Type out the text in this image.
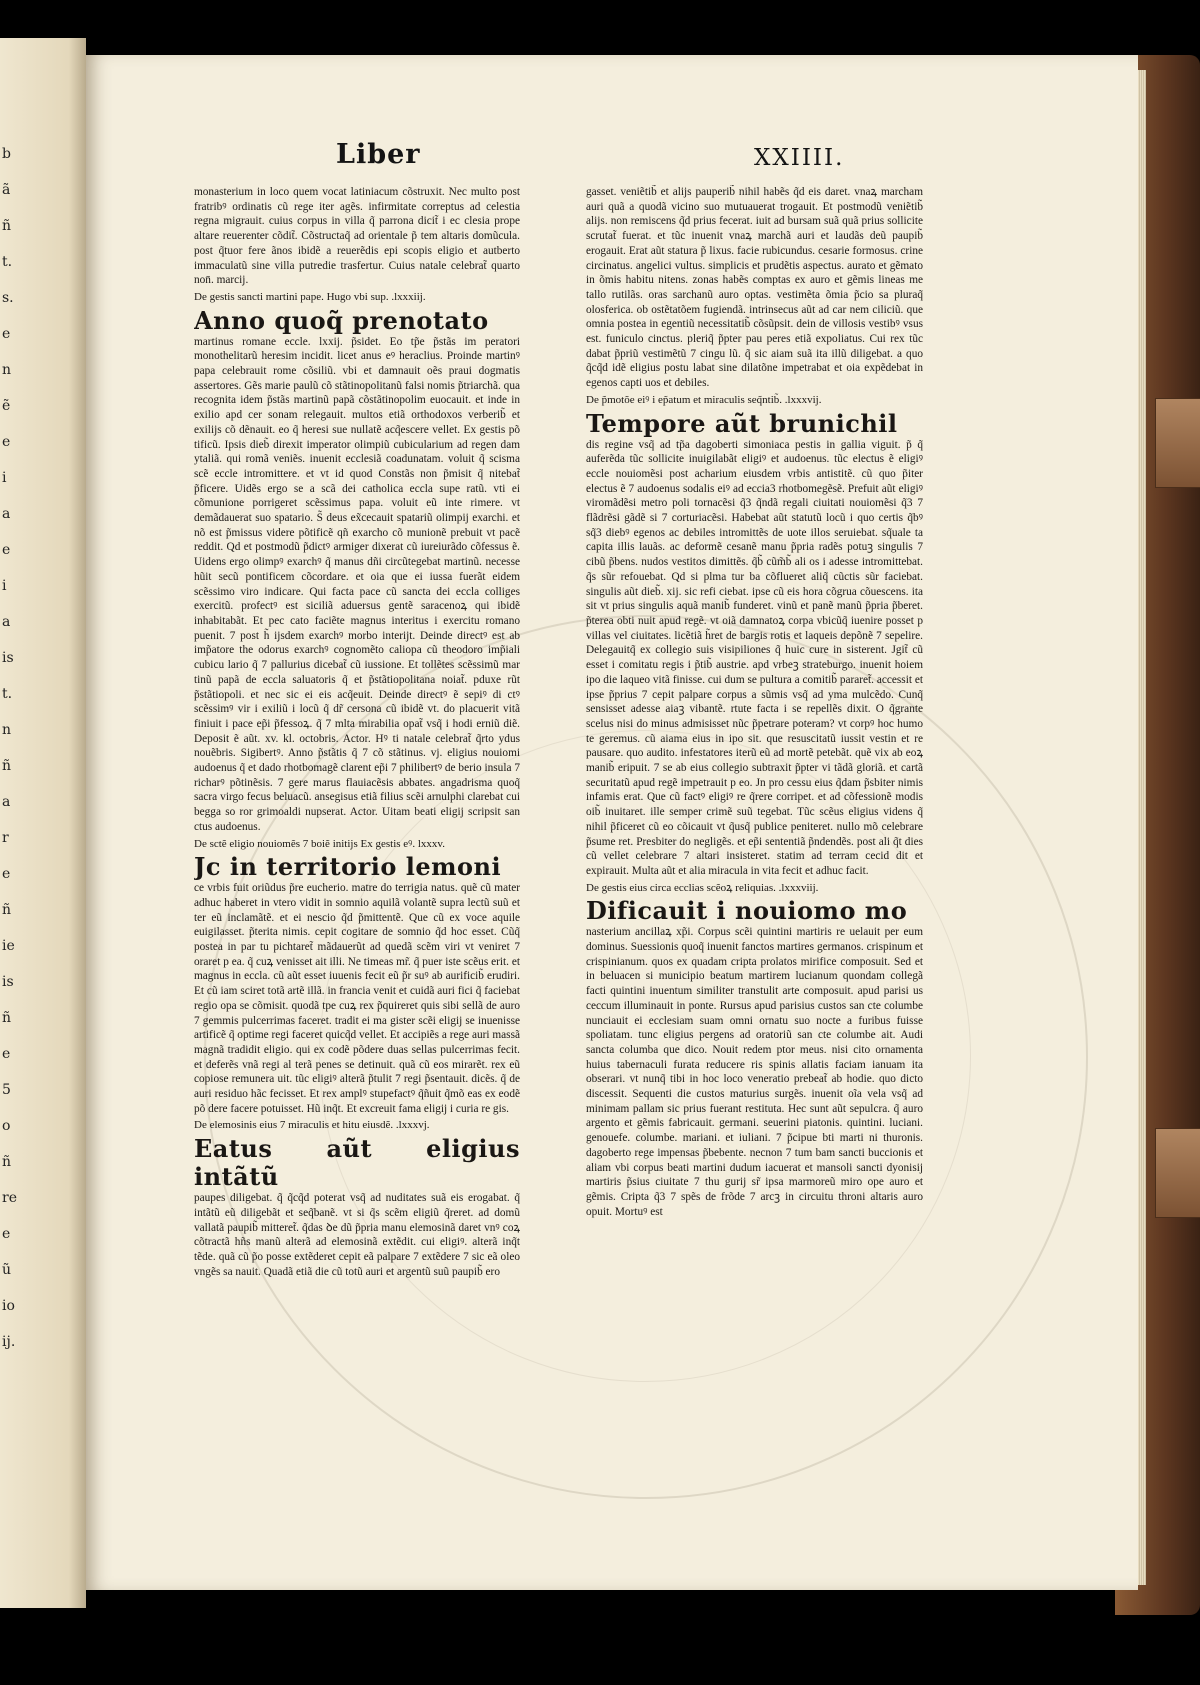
b
ã
ñ
t.
s.
e
n
ẽ
e
i
a
e
i
a
is
t.
n
ñ
a
r
e
ñ
ie
is
ñ
e
5
o
ñ
re
e
ũ
io
ij.
Liber	XXIIII.

monasterium in loco quem vocat latiniacum cõstruxit. Nec multo post fratribꝰ ordinatis cũ rege iter agẽs. infirmitate correptus ad celestia regna migrauit. cuius corpus in villa q̃ parrona dicit̃ i ec clesia prope altare reuerenter cõdit̃. Cõstructaq̃ ad orientale p̃ tem altaris domũcula. post q̃tuor fere ãnos ibidẽ a reuerẽdis epi scopis eligio et autberto immaculatũ sine villa putredie trasfertur. Cuius natale celebrat̃ quarto non̄. marcij.

De gestis sancti martini pape. Hugo vbi sup. .lxxxiij.

Anno quoq̃ prenotato

martinus romane eccle. lxxij. p̃sidet. Eo tp̃e p̃stãs im peratori monothelitarũ heresim incidit. licet anus eꝰ heraclius. Proinde martinꝰ papa celebrauit rome cõsiliũ. vbi et damnauit oẽs praui dogmatis assertores. Gẽs marie paulũ cõ stãtinopolitanũ falsi nomis p̃triarchã. qua recognita idem p̃stãs martinũ papã cõstãtinopolim euocauit. et inde in exilio apd cer sonam relegauit. multos etiã orthodoxos verberib̃ et exilijs cõ dẽnauit. eo q̃ heresi sue nullatẽ acq̃escere vellet. Ex gestis põ tificũ. Ipsis dieb̃ direxit imperator olimpiũ cubicularium ad regen dam ytaliã. qui romã veniẽs. inuenit ecclesiã coadunatam. voluit q̃ scisma scẽ eccle intromittere. et vt id quod Constãs non p̃misit q̃ nitebat̃ p̃ficere. Uidẽs ergo se a scã dei catholica eccla supe ratũ. vti ei cõmunione porrigeret scẽssimus papa. voluit eũ inte rimere. vt demãdauerat suo spatario. S̃ deus ex̃cecauit spatariũ olimpij exarchi. et nõ est p̃missus videre põtificẽ qñ exarcho cõ munionẽ prebuit vt pacẽ reddit. Qd et postmodũ p̃dictꝰ armiger dixerat cũ iureiurãdo cõfessus ẽ. Uidens ergo olimpꝰ exarchꝰ q̃ manus dñi circũtegebat martinũ. necesse hũit secũ pontificem cõcordare. et oia que ei iussa fuerãt eidem scẽssimo viro indicare. Qui facta pace cũ sancta dei eccla colliges exercitũ. profectꝰ est siciliã aduersus gentẽ saracenoꝝ qui ibidẽ inhabitabãt. Et pec cato faciẽte magnus interitus i exercitu romano puenit. 7 post h̃ ijsdem exarchꝰ morbo interijt. Deinde directꝰ est ab imp̃atore the odorus exarchꝰ cognomẽto caliopa cũ theodoro imp̃iali cubicu lario q̃ 7 pallurius dicebat̃ cũ iussione. Et tollẽtes scẽssimũ mar tinũ papã de eccla saluatoris q̃ et p̃stãtiopolitana noiat̃. pduxe rũt p̃stãtiopoli. et nec sic ei eis acq̃euit. Deinde directꝰ ẽ sepiꝰ di ctꝰ scẽssimꝰ vir i exiliũ i locũ q̃ dr̃ cersona cũ ibidẽ vt. do placuerit vitã finiuit i pace ep̃i p̃fessoꝝ. q̃ 7 mlta mirabilia opat̃ vsq̃ i hodi erniũ diẽ. Deposit ẽ aũt. xv. kl. octobris. Actor. Hꝰ ti natale celebrat̃ q̃rto ydus nouẽbris. Sigibertꝰ. Anno p̃stãtis q̃ 7 cõ stãtinus. vj. eligius nouiomi audoenus q̃ et dado rhotbomagẽ clarent ep̃i 7 philibertꝰ de berio insula 7 richarꝰ põtinẽsis. 7 gere marus flauiacẽsis abbates. angadrisma quoq̃ sacra virgo fecus beluacũ. ansegisus etiã filius scẽi arnulphi clarebat cui begga so ror grimoaldi nupserat. Actor. Uitam beati eligij scripsit san ctus audoenus.

De sctẽ eligio nouiomẽs 7 boiẽ initijs Ex gestis eꝰ. lxxxv.

Jc in territorio lemoni

ce vrbis fuit oriũdus p̃re eucherio. matre do terrigia natus. quẽ cũ mater adhuc haberet in vtero vidit in somnio aquilã volantẽ supra lectũ suũ et ter eũ inclamãtẽ. et ei nescio q̃d p̃mittentẽ. Que cũ ex voce aquile euigilasset. p̃terita nimis. cepit cogitare de somnio q̃d hoc esset. Cũq̃ postea in par tu pichtaret̃ mãdauerũt ad quedã scẽm viri vt veniret 7 oraret p ea. q̃ cuꝝ venisset ait illi. Ne timeas mr̃. q̃ puer iste scẽus erit. et magnus in eccla. cũ aũt esset iuuenis fecit eũ p̃r suꝰ ab aurificib̃ erudiri. Et cũ iam sciret totã artẽ illã. in francia venit et cuidã auri fici q̃ faciebat regio opa se cõmisit. quodã tpe cuꝝ rex p̃quireret quis sibi sellã de auro 7 gemmis pulcerrimas faceret. tradit ei ma gister scẽi eligij se inuenisse artificẽ q̃ optime regi faceret quicq̃d vellet. Et accipiẽs a rege auri massã magnã tradidit eligio. qui ex codẽ põdere duas sellas pulcerrimas fecit. et deferẽs vnã regi al terã penes se detinuit. quã cũ eos mirarẽt. rex eũ copiose remunera uit. tũc eligiꝰ alterã p̃tulit 7 regi p̃sentauit. dicẽs. q̃ de auri residuo hãc fecisset. Et rex amplꝰ stupefactꝰ q̃ñuit q̃mõ eas ex eodẽ põ dere facere potuisset. Hũ inq̃t. Et excreuit fama eligij i curia re gis.

De elemosinis eius 7 miraculis et hitu eiusdẽ. .lxxxvj.

Eatus aũt eligius intãtũ

paupes diligebat. q̃ q̃cq̃d poterat vsq̃ ad nuditates suã eis erogabat. q̃ intãtũ eũ diligebãt et seq̃banẽ. vt si q̃s scẽm eligiũ q̃reret. ad domũ vallatã paupib̃ mitteret̃. q̃das ꝺe dũ p̃pria manu elemosinã daret vnꝰ coꝝ cõtractã hñs manũ alterã ad elemosinã extẽdit. cui eligiꝰ. alterã inq̃t tẽde. quã cũ p̃o posse extẽderet cepit eã palpare 7 extẽdere 7 sic eã oleo vngẽs sa nauit. Quadã etiã die cũ totũ auri et argentũ suũ paupib̃ ero

gasset. veniẽtib̃ et alijs pauperib̃ nihil habẽs q̃d eis daret. vnaꝝ marcham auri quã a quodã vicino suo mutuauerat trogauit. Et postmodũ veniẽtib̃ alijs. non remiscens q̃d prius fecerat. iuit ad bursam suã quã prius sollicite scrutat̃ fuerat. et tũc inuenit vnaꝝ marchã auri et laudãs deũ paupib̃ erogauit. Erat aũt statura p̃ lixus. facie rubicundus. cesarie formosus. crine circinatus. angelici vultus. simplicis et prudẽtis aspectus. aurato et gẽmato in õmis habitu nitens. zonas habẽs comptas ex auro et gẽmis lineas me tallo rutilãs. oras sarchanũ auro optas. vestimẽta õmia p̃cio sa pluraq̃ olosferica. ob ostẽtatõem fugiendã. intrinsecus aũt ad car nem ciliciũ. que omnia postea in egentiũ necessitatib̃ cõsũpsit. dein de villosis vestibꝰ vsus est. funiculo cinctus. pleriq̃ p̃pter pau peres etiã expoliatus. Cui rex tũc dabat p̃priũ vestimẽtũ 7 cingu lũ. q̃ sic aiam suã ita illũ diligebat. a quo q̃cq̃d idẽ eligius postu labat sine dilatõne impetrabat et oia expẽdebat in egenos capti uos et debiles.

De p̃motõe eiꝰ i ep̃atum et miraculis seq̃ntib̃. .lxxxvij.

Tempore aũt brunichil

dis regine vsq̃ ad tp̃a dagoberti simoniaca pestis in gallia viguit. p̃ q̃ auferẽda tũc sollicite inuigilabãt eligiꝰ et audoenus. tũc electus ẽ eligiꝰ eccle nouiomẽsi post acharium eiusdem vrbis antistitẽ. cũ quo p̃iter electus ẽ 7 audoenus sodalis eiꝰ ad eccia3 rhotbomegẽsẽ. Prefuit aũt eligiꝰ viromãdẽsi metro poli tornacẽsi q̃3 q̃ndã regali ciuitati nouiomẽsi q̃3 7 flãdrẽsi gãdẽ si 7 corturiacẽsi. Habebat aũt statutũ locũ i quo certis q̃bꝰ sq̃3 diebꝰ egenos ac debiles intromittẽs de uote illos seruiebat. sq̃uale ta capita illis lauãs. ac deformẽ cesanẽ manu p̃pria radẽs potuꝫ singulis 7 cibũ p̃bens. nudos vestitos dimittẽs. q̃b̃ cũm̃b̃ ali os i adesse intromittebat. q̃s sũr refouebat. Qd si plma tur ba cõflueret aliq̃ cũctis sũr faciebat. singulis aũt dieb̃. xij. sic refi ciebat. ipse cũ eis hora cõgrua cõuescens. ita sit vt prius singulis aquã manib̃ funderet. vinũ et panẽ manũ p̃pria p̃beret. p̃terea obti nuit apud regẽ. vt oiã damnatoꝝ corpa vbicũq̃ iuenire posset p villas vel ciuitates. licẽtiã h̃ret de bargis rotis et laqueis depõnẽ 7 sepelire. Delegauitq̃ ex collegio suis visipiliones q̃ huic cure in sisterent. Jgit̃ cũ esset i comitatu regis i p̃tib̃ austrie. apd vrbeꝫ strateburgo. inuenit hoiem ipo die laqueo vitã finisse. cui dum se pultura a comitib̃ pararet̃. accessit et ipse p̃prius 7 cepit palpare corpus a sũmis vsq̃ ad yma mulcẽdo. Cunq̃ sensisset adesse aiaꝫ vibantẽ. rtute facta i se repellẽs dixit. O q̃grante scelus nisi do minus admisisset nũc p̃petrare poteram? vt corpꝰ hoc humo te geremus. cũ aiama eius in ipo sit. que resuscitatũ iussit vestin et re pausare. quo audito. infestatores iterũ eũ ad mortẽ petebãt. quẽ vix ab eoꝝ manib̃ eripuit. 7 se ab eius collegio subtraxit p̃pter vi tãdã gloriã. et cartã securitatũ apud regẽ impetrauit p eo. Jn pro cessu eius q̃dam p̃sbiter nimis infamis erat. Que cũ factꝰ eligiꝰ re q̃rere corripet. et ad cõfessionẽ modis oib̃ inuitaret. ille semper crimẽ suũ tegebat. Tũc scẽus eligius videns q̃ nihil p̃ficeret cũ eo cõicauit vt q̃usq̃ publice peniteret. nullo mõ celebrare p̃sume ret. Presbiter do negligẽs. et ep̃i sententiã p̃ndendẽs. post ali q̃t dies cũ vellet celebrare 7 altari insisteret. statim ad terram cecid dit et expirauit. Multa aũt et alia miracula in vita fecit et adhuc facit.

De gestis eius circa ecclias scẽoꝝ reliquias. .lxxxviij.

Dificauit i nouiomo mo

nasterium ancillaꝝ xp̃i. Corpus scẽi quintini martiris re uelauit per eum dominus. Suessionis quoq̃ inuenit fanctos martires germanos. crispinum et crispinianum. quos ex quadam cripta prolatos mirifice composuit. Sed et in beluacen si municipio beatum martirem lucianum quondam collegã facti quintini inuentum similiter transtulit arte composuit. apud parisi us ceccum illuminauit in ponte. Rursus apud parisius custos san cte columbe nunciauit ei ecclesiam suam omni ornatu suo nocte a furibus fuisse spoliatam. tunc eligius pergens ad oratoriũ san cte columbe ait. Audi sancta columba que dico. Nouit redem ptor meus. nisi cito ornamenta huius tabernaculi furata reducere ris spinis allatis faciam ianuam ita obserari. vt nunq̃ tibi in hoc loco veneratio prebeat̃ ab hodie. quo dicto discessit. Sequenti die custos maturius surgẽs. inuenit oĩa vela vsq̃ ad minimam pallam sic prius fuerant restituta. Hec sunt aũt sepulcra. q̃ auro argento et gẽmis fabricauit. germani. seuerini piatonis. quintini. luciani. genouefe. columbe. mariani. et iuliani. 7 p̃cipue bti marti ni thuronis. dagoberto rege impensas p̃bebente. necnon 7 tum bam sancti buccionis et aliam vbi corpus beati martini dudum iacuerat et mansoli sancti dyonisij martiris p̃sius ciuitate 7 thu gurij sr̃ ipsa marmoreũ miro ope auro et gẽmis. Cripta q̃3 7 spẽs de frõde 7 arcꝫ in circuitu throni altaris auro opuit. Mortuꝰ est
